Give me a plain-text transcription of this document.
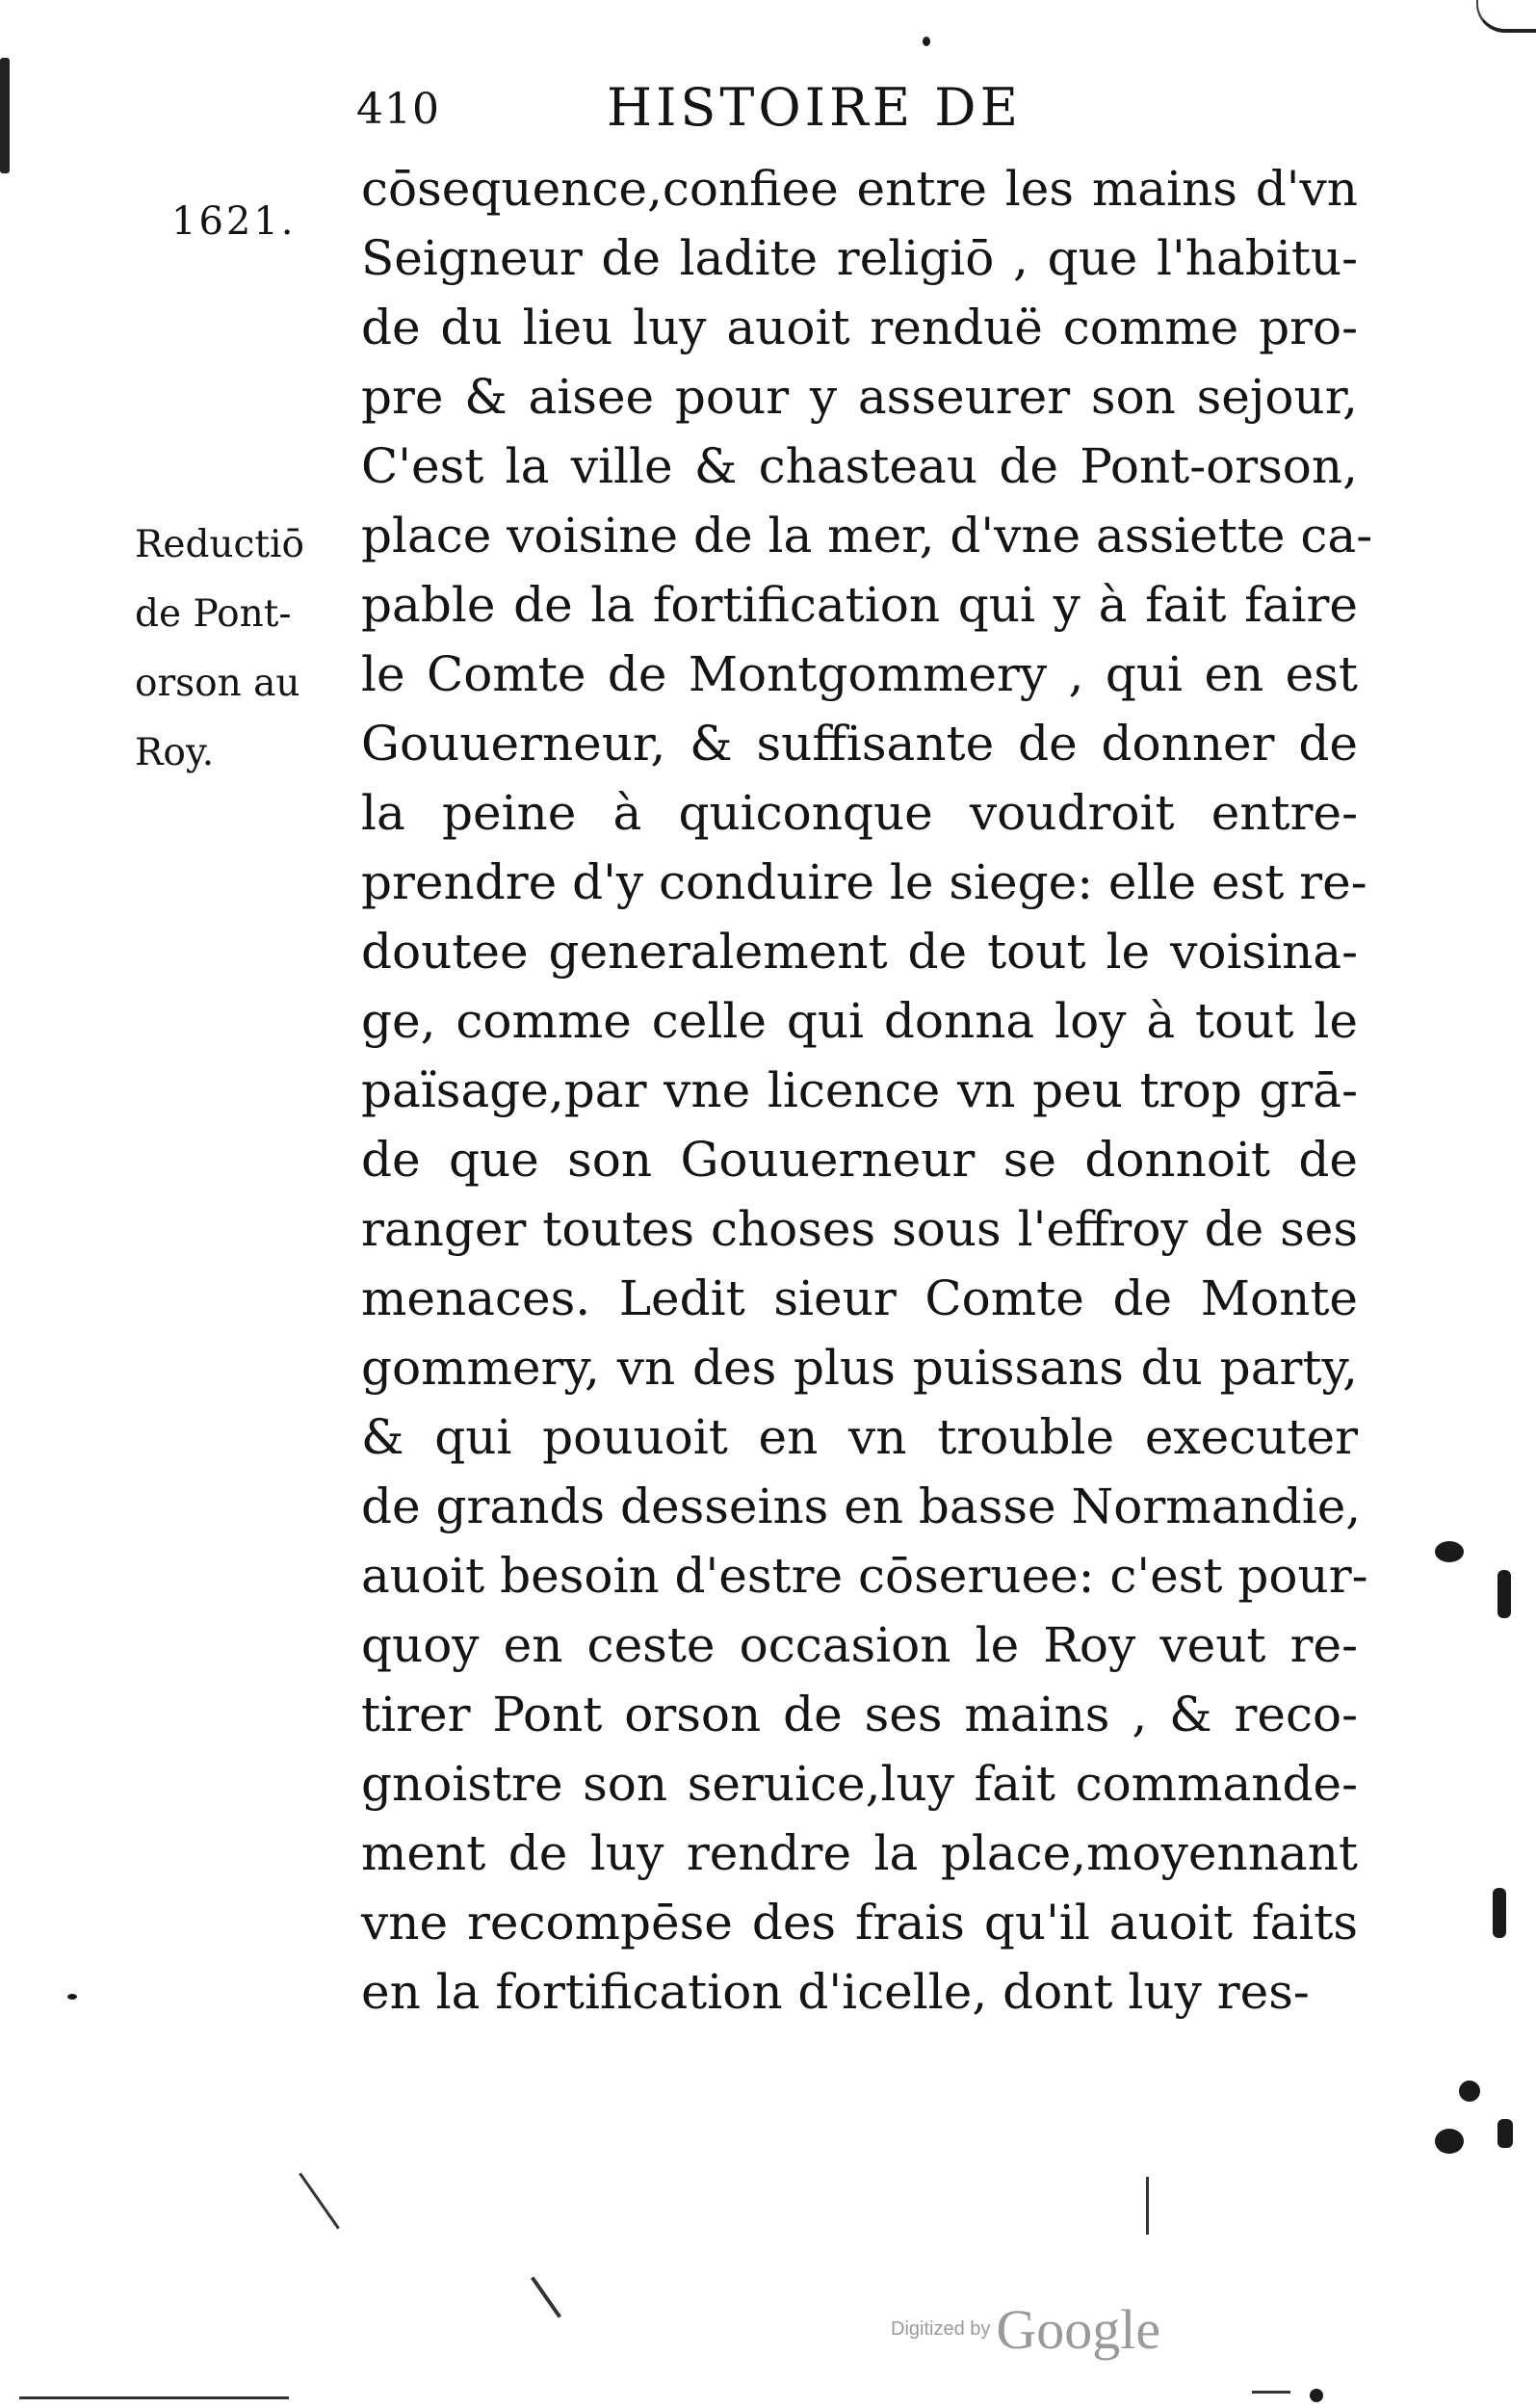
410	HISTOIRE DE
1621.
Reductiō
de Pont-
orson au
Roy.
cōsequence,confiee entre les mains d'vn
Seigneur de ladite religiō , que l'habitu-
de du lieu luy auoit renduë comme pro-
pre & aisee pour y asseurer son sejour,
C'est la ville & chasteau de Pont-orson,
place voisine de la mer, d'vne assiette ca-
pable de la fortification qui y à fait faire
le Comte de Montgommery , qui en est
Gouuerneur, & suffisante de donner de
la peine à quiconque voudroit entre-
prendre d'y conduire le siege: elle est re-
doutee generalement de tout le voisina-
ge, comme celle qui donna loy à tout le
païsage,par vne licence vn peu trop grā-
de que son Gouuerneur se donnoit de
ranger toutes choses sous l'effroy de ses
menaces. Ledit sieur Comte de Monte
gommery, vn des plus puissans du party,
& qui pouuoit en vn trouble executer
de grands desseins en basse Normandie,
auoit besoin d'estre cōseruee: c'est pour-
quoy en ceste occasion le Roy veut re-
tirer Pont orson de ses mains , & reco-
gnoistre son seruice,luy fait commande-
ment de luy rendre la place,moyennant
vne recompēse des frais qu'il auoit faits
en la fortification d'icelle, dont luy res-
Digitized by Google
